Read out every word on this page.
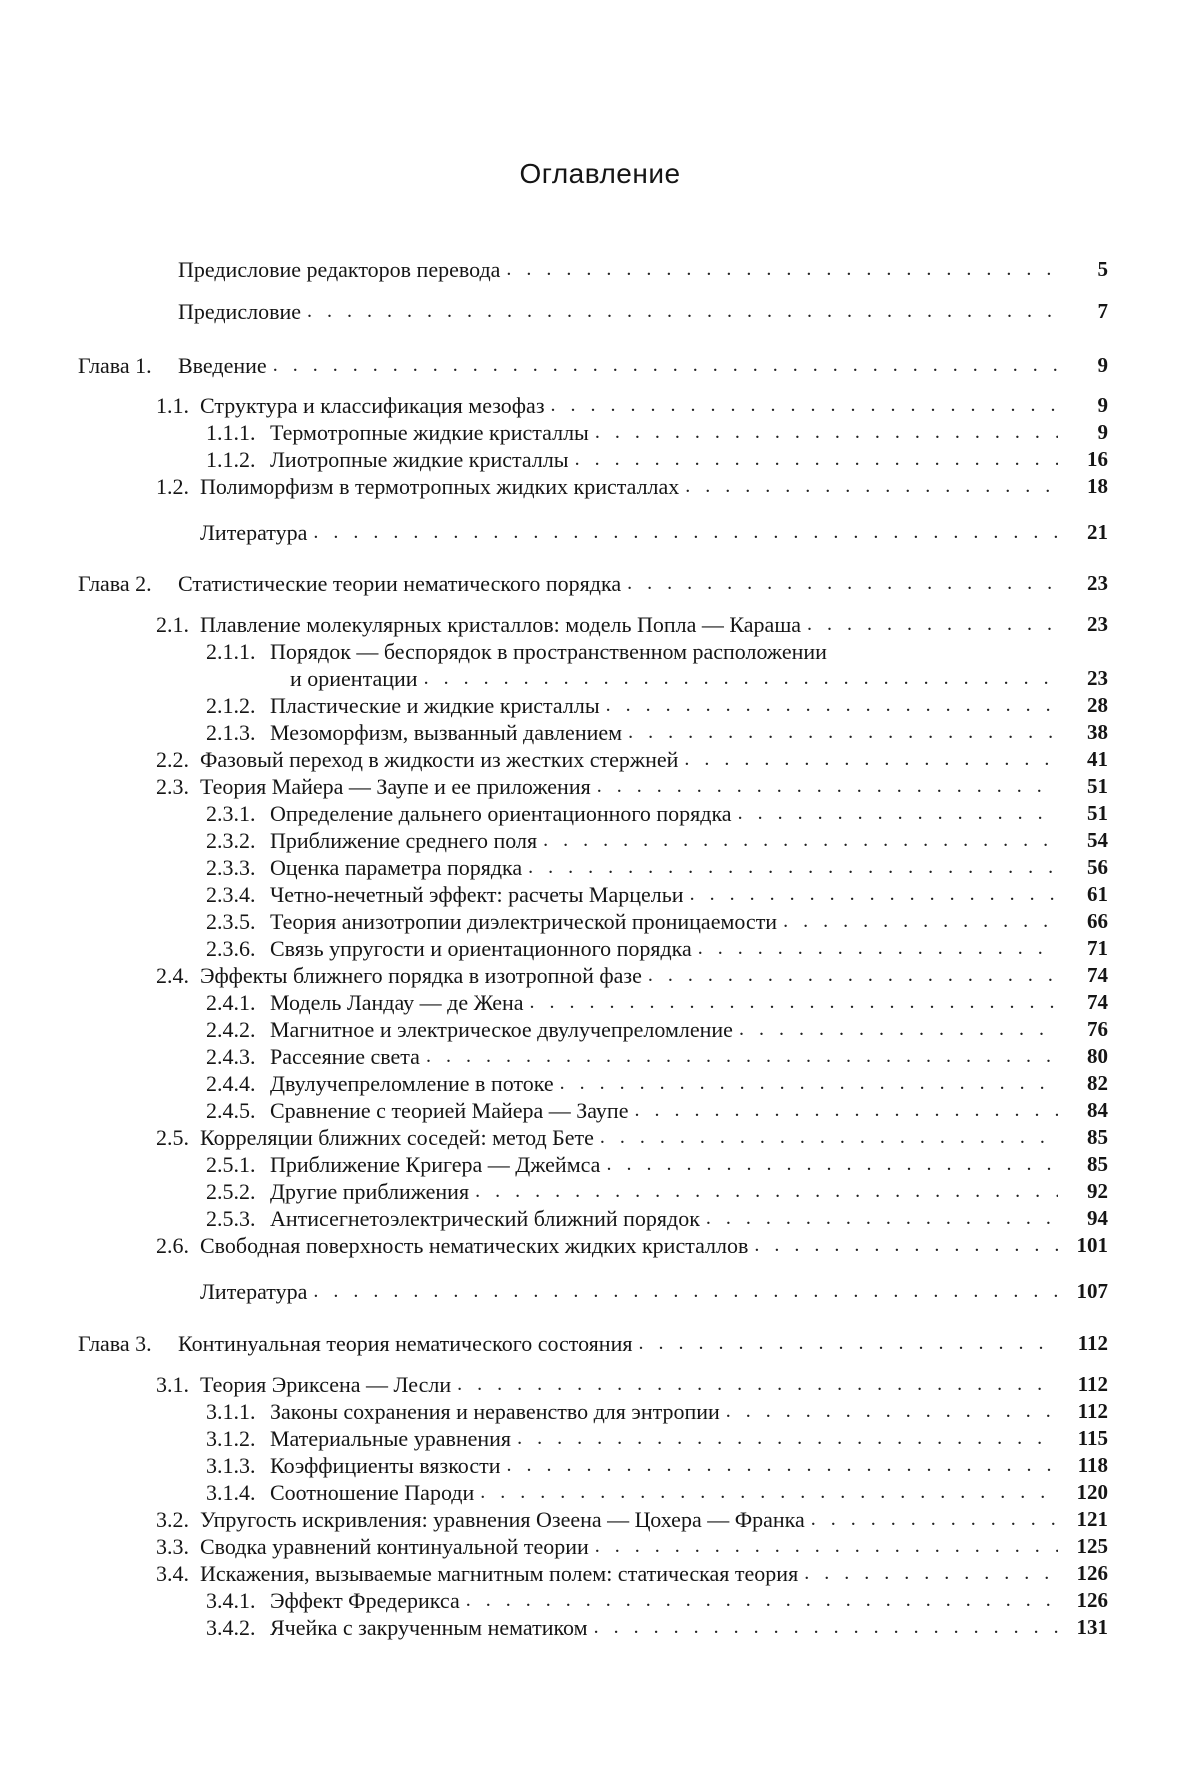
Оглавление
Предисловие редакторов перевода . . .	5
Предисловие . . .	7
Глава 1.	Введение . . .	9
1.1. Структура и классификация мезофаз . . .	9
1.1.1. Термотропные жидкие кристаллы . . .	9
1.1.2. Лиотропные жидкие кристаллы . . .	16
1.2. Полиморфизм в термотропных жидких кристаллах . . .	18
Литература . . .	21
Глава 2.	Статистические теории нематического порядка . . .	23
2.1. Плавление молекулярных кристаллов: модель Попла — Караша . . .	23
2.1.1. Порядок — беспорядок в пространственном расположении
и ориентации . . .	23
2.1.2. Пластические и жидкие кристаллы . . .	28
2.1.3. Мезоморфизм, вызванный давлением . . .	38
2.2. Фазовый переход в жидкости из жестких стержней . . .	41
2.3. Теория Майера — Заупе и ее приложения . . .	51
2.3.1. Определение дальнего ориентационного порядка . . .	51
2.3.2. Приближение среднего поля . . .	54
2.3.3. Оценка параметра порядка . . .	56
2.3.4. Четно-нечетный эффект: расчеты Марцельи . . .	61
2.3.5. Теория анизотропии диэлектрической проницаемости . . .	66
2.3.6. Связь упругости и ориентационного порядка . . .	71
2.4. Эффекты ближнего порядка в изотропной фазе . . .	74
2.4.1. Модель Ландау — де Жена . . .	74
2.4.2. Магнитное и электрическое двулучепреломление . . .	76
2.4.3. Рассеяние света . . .	80
2.4.4. Двулучепреломление в потоке . . .	82
2.4.5. Сравнение с теорией Майера — Заупе . . .	84
2.5. Корреляции ближних соседей: метод Бете . . .	85
2.5.1. Приближение Кригера — Джеймса . . .	85
2.5.2. Другие приближения . . .	92
2.5.3. Антисегнетоэлектрический ближний порядок . . .	94
2.6. Свободная поверхность нематических жидких кристаллов . . .	101
Литература . . .	107
Глава 3.	Континуальная теория нематического состояния . . .	112
3.1. Теория Эриксена — Лесли . . .	112
3.1.1. Законы сохранения и неравенство для энтропии . . .	112
3.1.2. Материальные уравнения . . .	115
3.1.3. Коэффициенты вязкости . . .	118
3.1.4. Соотношение Пароди . . .	120
3.2. Упругость искривления: уравнения Озеена — Цохера — Франка . . .	121
3.3. Сводка уравнений континуальной теории . . .	125
3.4. Искажения, вызываемые магнитным полем: статическая теория . . .	126
3.4.1. Эффект Фредерикса . . .	126
3.4.2. Ячейка с закрученным нематиком . . .	131
